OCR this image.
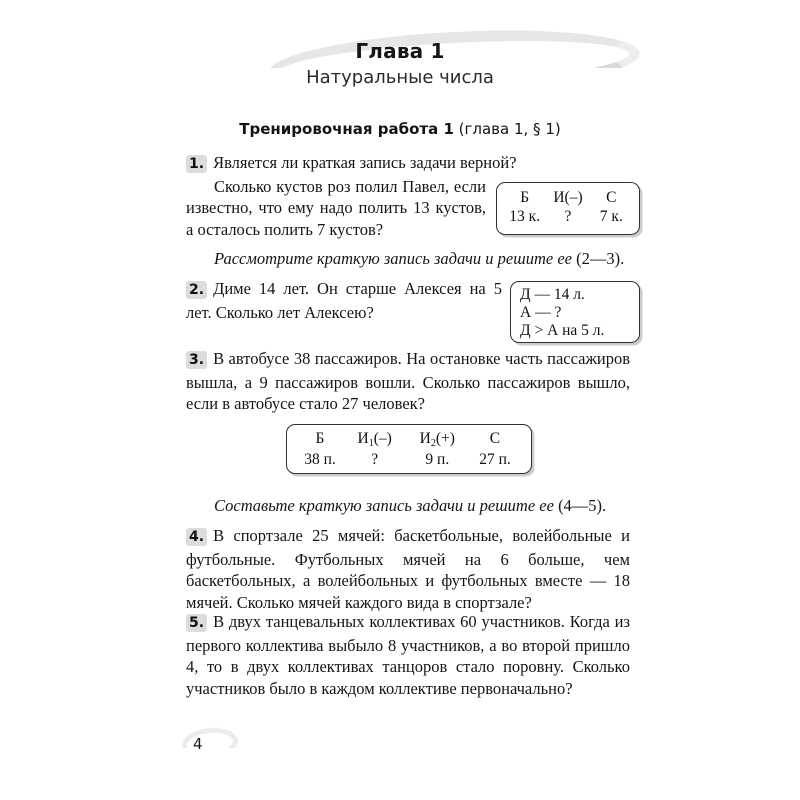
Глава 1
Натуральные числа
Тренировочная работа 1 (глава 1, § 1)

1. Является ли краткая запись задачи верной?

Сколько кустов роз полил Павел, если известно, что ему надо полить 13 кустов, а осталось полить 7 кустов?

Рассмотрите краткую запись задачи и решите ее (2—3).

2. Диме 14 лет. Он старше Алексея на 5 лет. Сколько лет Алексею?

3. В автобусе 38 пассажиров. На остановке часть пассажиров вышла, а 9 пассажиров вошли. Сколько пассажиров вышло, если в автобусе стало 27 человек?

Составьте краткую запись задачи и решите ее (4—5).

4. В спортзале 25 мячей: баскетбольные, волейбольные и футбольные. Футбольных мячей на 6 больше, чем баскетбольных, а волейбольных и футбольных вместе — 18 мячей. Сколько мячей каждого вида в спортзале?

5. В двух танцевальных коллективах 60 участников. Когда из первого коллектива выбыло 8 участников, а во второй пришло 4, то в двух коллективах танцоров стало поровну. Сколько участников было в каждом коллективе первоначально?

Б	И(–)	С
13 к.	?	7 к.
Д — 14 л.
А — ?
Д > А на 5 л.
Б	$И_1(-)$	$И_2(+)$	С
38 п.	?	9 п.	27 п.
4
